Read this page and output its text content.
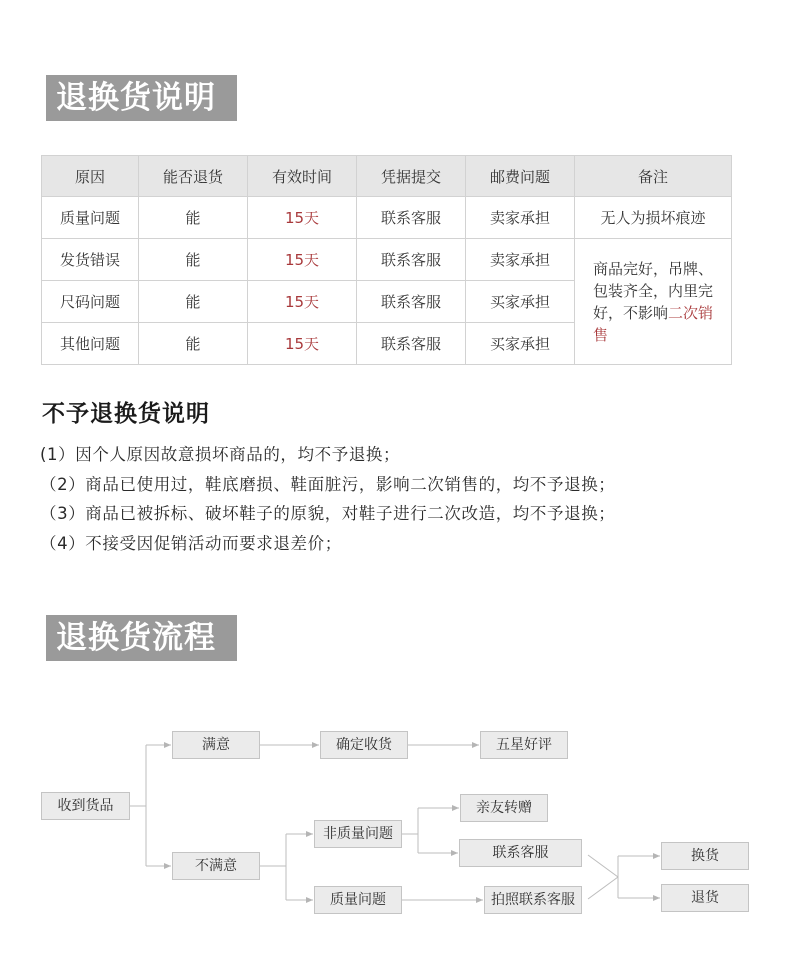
退换货说明
原因	能否退货	有效时间	凭据提交	邮费问题	备注
质量问题	能	15天	联系客服	卖家承担	无人为损坏痕迹
发货错误	能	15天	联系客服	卖家承担	商品完好，吊牌、包装齐全，内里完好，不影响二次销售
尺码问题	能	15天	联系客服	买家承担	
其他问题	能	15天	联系客服	买家承担	
不予退换货说明
(1）因个人原因故意损坏商品的，均不予退换；
（2）商品已使用过，鞋底磨损、鞋面脏污，影响二次销售的，均不予退换；
（3）商品已被拆标、破坏鞋子的原貌，对鞋子进行二次改造，均不予退换；
（4）不接受因促销活动而要求退差价；
退换货流程
收到货品
满意	确定收货	五星好评
不满意
非质量问题
质量问题
亲友转赠
联系客服
拍照联系客服
换货
退货
